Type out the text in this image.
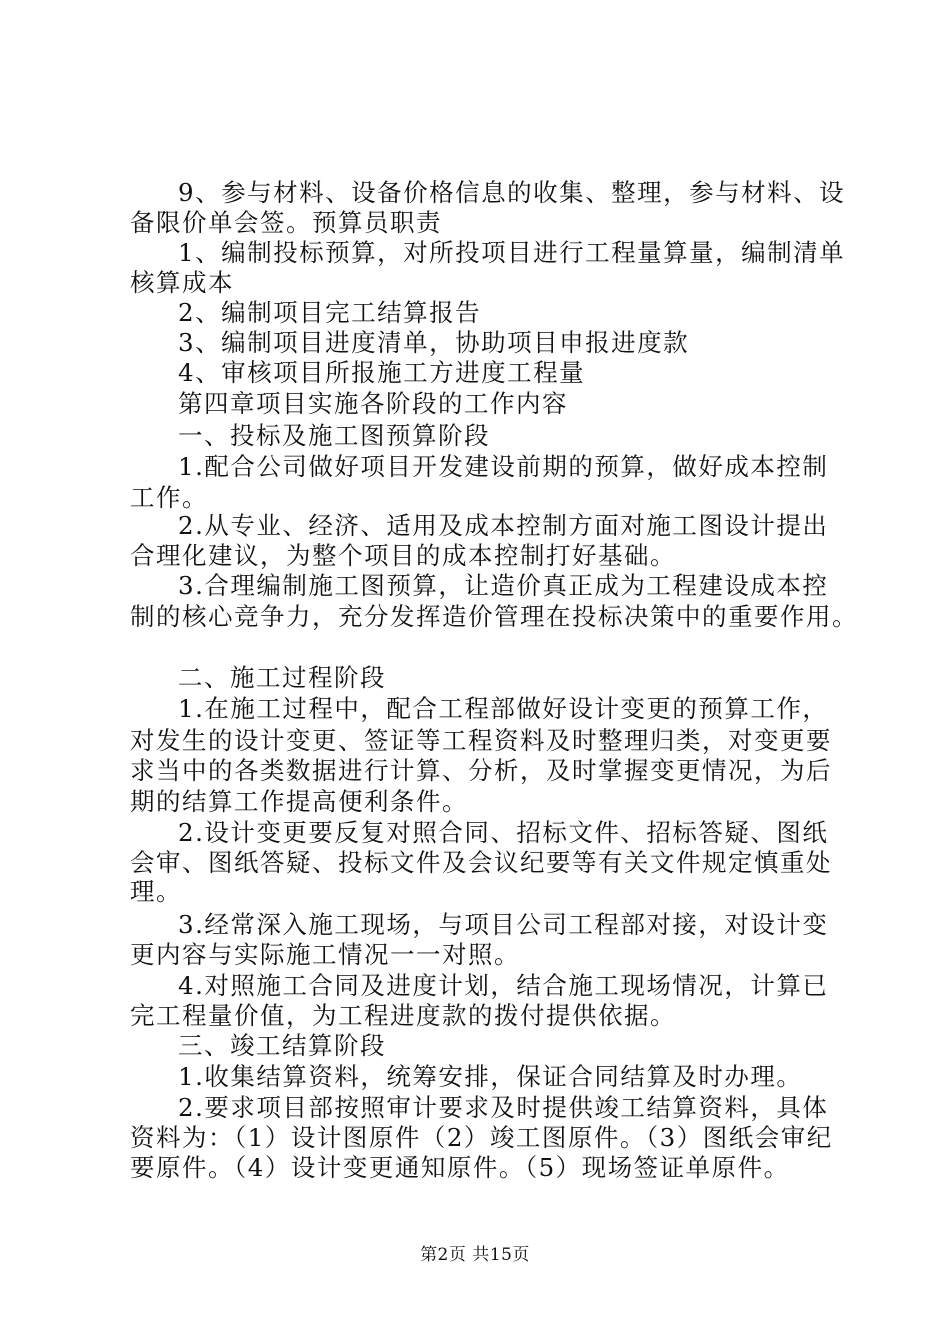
9、参与材料、设备价格信息的收集、整理，参与材料、设
备限价单会签。预算员职责
1、编制投标预算，对所投项目进行工程量算量，编制清单
核算成本
2、编制项目完工结算报告
3、编制项目进度清单，协助项目申报进度款
4、审核项目所报施工方进度工程量
第四章项目实施各阶段的工作内容
一、投标及施工图预算阶段
1.配合公司做好项目开发建设前期的预算，做好成本控制
工作。
2.从专业、经济、适用及成本控制方面对施工图设计提出
合理化建议，为整个项目的成本控制打好基础。
3.合理编制施工图预算，让造价真正成为工程建设成本控
制的核心竞争力，充分发挥造价管理在投标决策中的重要作用。
二、施工过程阶段
1.在施工过程中，配合工程部做好设计变更的预算工作，
对发生的设计变更、签证等工程资料及时整理归类，对变更要
求当中的各类数据进行计算、分析，及时掌握变更情况，为后
期的结算工作提高便利条件。
2.设计变更要反复对照合同、招标文件、招标答疑、图纸
会审、图纸答疑、投标文件及会议纪要等有关文件规定慎重处
理。
3.经常深入施工现场，与项目公司工程部对接，对设计变
更内容与实际施工情况一一对照。
4.对照施工合同及进度计划，结合施工现场情况，计算已
完工程量价值，为工程进度款的拨付提供依据。
三、竣工结算阶段
1.收集结算资料，统筹安排，保证合同结算及时办理。
2.要求项目部按照审计要求及时提供竣工结算资料，具体
资料为：（1）设计图原件（2）竣工图原件。（3）图纸会审纪
要原件。（4）设计变更通知原件。（5）现场签证单原件。
第2页 共15页
